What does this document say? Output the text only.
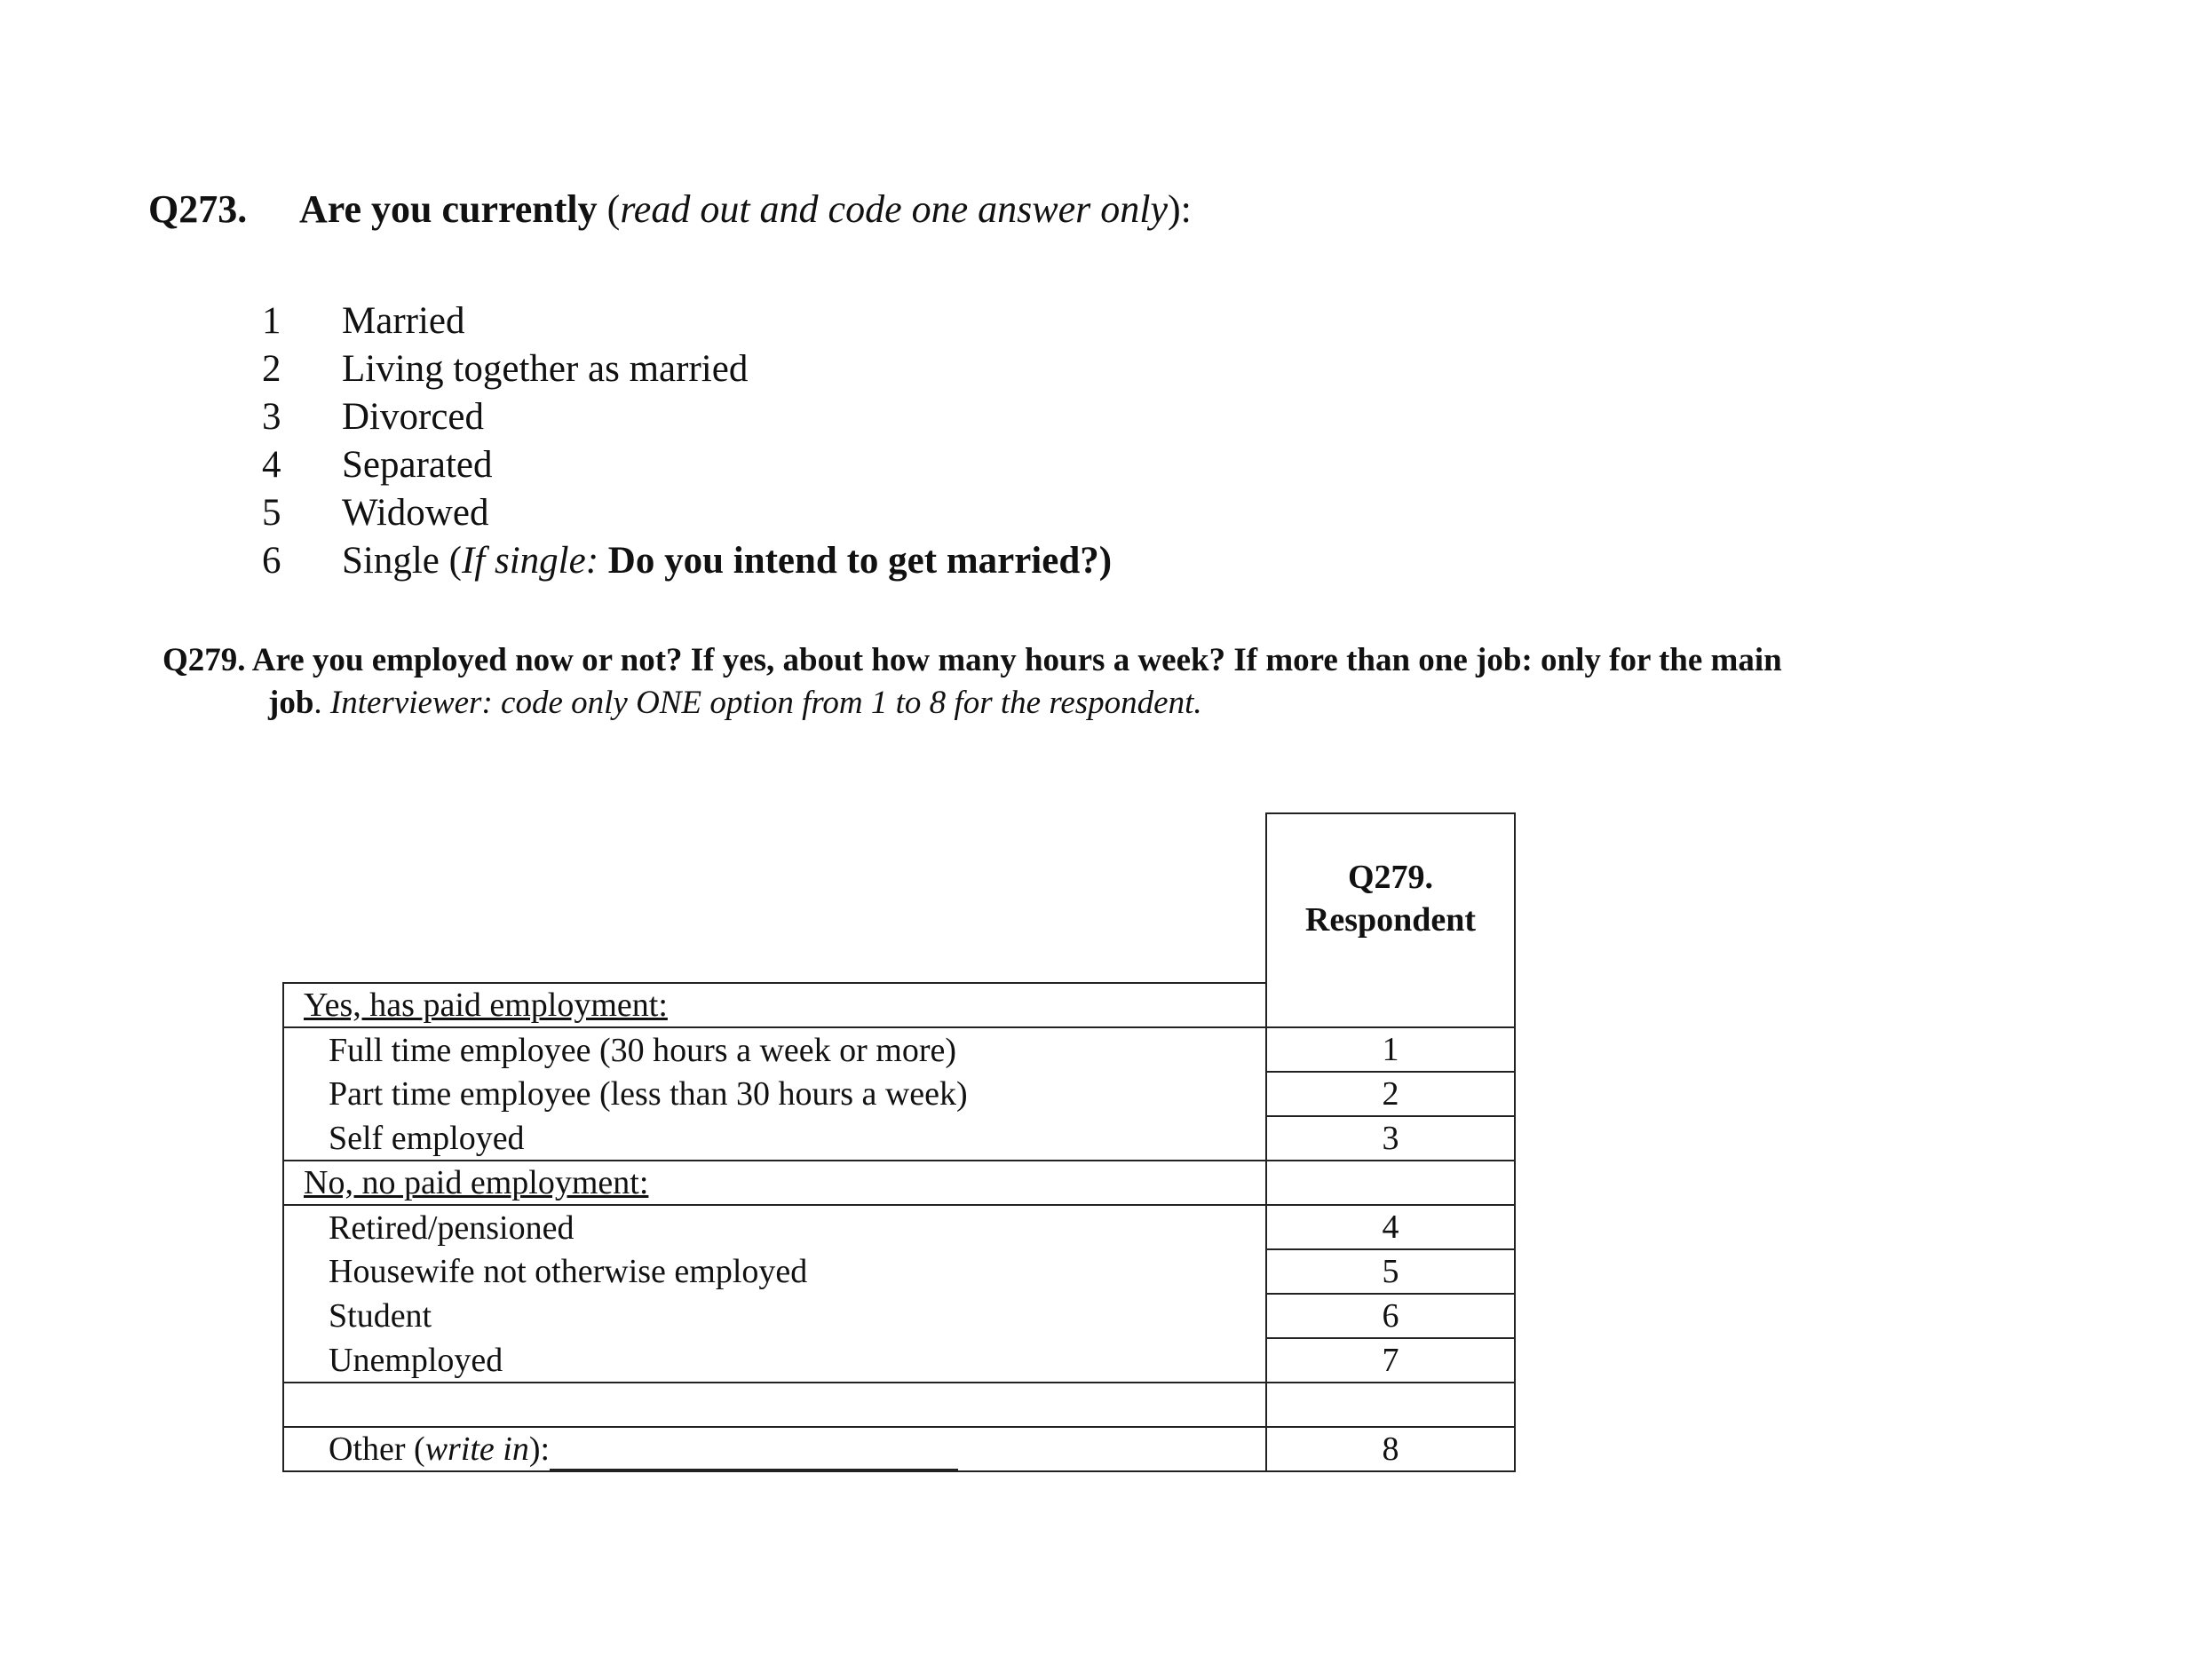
Q273. Are you currently (read out and code one answer only):
1	Married
2	Living together as married
3	Divorced
4	Separated
5	Widowed
6	Single (If single: Do you intend to get married?)
Q279. Are you employed now or not? If yes, about how many hours a week? If more than one job: only for the main
job. Interviewer: code only ONE option from 1 to 8 for the respondent.

	Q279.
Respondent

Yes, has paid employment:	
Full time employee (30 hours a week or more)	1
Part time employee (less than 30 hours a week)	2
Self employed	3
No, no paid employment:	
Retired/pensioned	4
Housewife not otherwise employed	5
Student	6
Unemployed	7

Other (write in):	8
